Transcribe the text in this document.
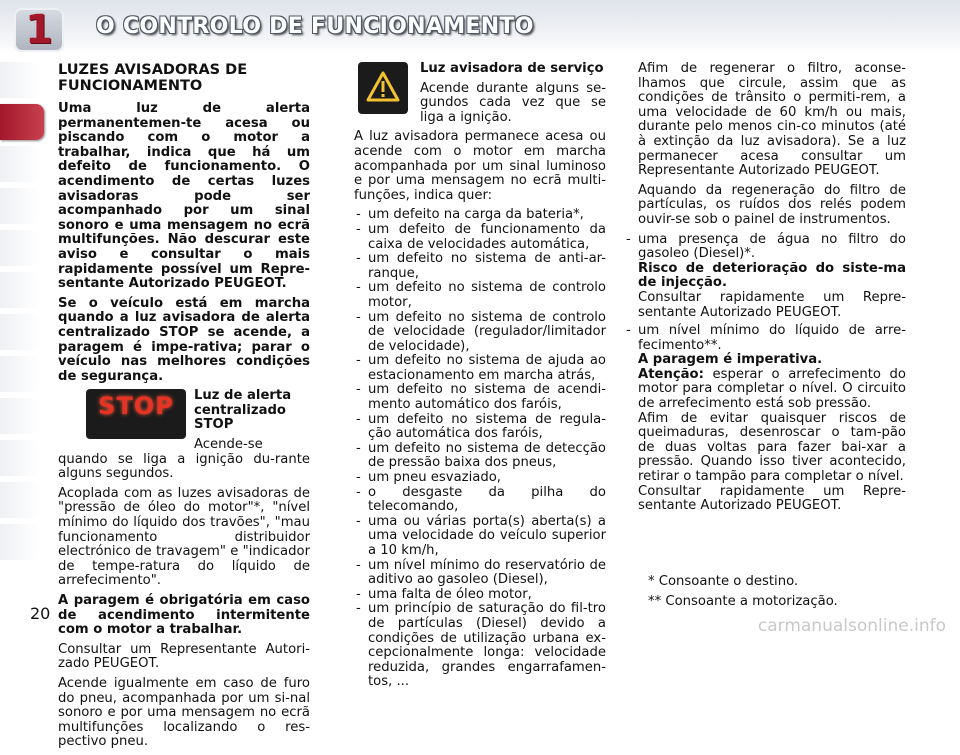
1	O CONTROLO DE FUNCIONAMENTO
LUZES AVISADORAS DE FUNCIONAMENTO

Uma luz de alerta permanentemen-te acesa ou piscando com o motor a trabalhar, indica que há um defeito de funcionamento. O acendimento de certas luzes avisadoras pode ser acompanhado por um sinal sonoro e uma mensagem no ecrã multifunções. Não descurar este aviso e consultar o mais rapidamente possível um Repre-sentante Autorizado PEUGEOT.

Se o veículo está em marcha quando a luz avisadora de alerta centralizado STOP se acende, a paragem é impe-rativa; parar o veículo nas melhores condições de segurança.

STOP	Luz de alerta centralizado STOP

Acende-se quando se liga a ignição du-rante alguns segundos.

Acoplada com as luzes avisadoras de "pressão de óleo do motor"*, "nível mínimo do líquido dos travões", "mau funcionamento distribuidor electrónico de travagem" e "indicador de tempe-ratura do líquido de arrefecimento".

A paragem é obrigatória em caso de acendimento intermitente com o motor a trabalhar.

Consultar um Representante Autori-zado PEUGEOT.

Acende igualmente em caso de furo do pneu, acompanhada por um si-nal sonoro e por uma mensagem no ecrã multifunções localizando o res-pectivo pneu.

Luz avisadora de serviço

Acende durante alguns se-gundos cada vez que se liga a ignição.

A luz avisadora permanece acesa ou acende com o motor em marcha acompanhada por um sinal luminoso e por uma mensagem no ecrã multi-funções, indica quer:

- um defeito na carga da bateria*,
- um defeito de funcionamento da caixa de velocidades automática,
- um defeito no sistema de anti-ar-ranque,
- um defeito no sistema de controlo motor,
- um defeito no sistema de controlo de velocidade (regulador/limitador de velocidade),
- um defeito no sistema de ajuda ao estacionamento em marcha atrás,
- um defeito no sistema de acendi-mento automático dos faróis,
- um defeito no sistema de regula-ção automática dos faróis,
- um defeito no sistema de detecção de pressão baixa dos pneus,
- um pneu esvaziado,
- o desgaste da pilha do telecomando,
- uma ou várias porta(s) aberta(s) a uma velocidade do veículo superior a 10 km/h,
- um nível mínimo do reservatório de aditivo ao gasoleo (Diesel),
- uma falta de óleo motor,
- um princípio de saturação do fil-tro de partículas (Diesel) devido a condições de utilização urbana ex-cepcionalmente longa: velocidade reduzida, grandes engarrafamen-tos, ...

Afim de regenerar o filtro, aconse-lhamos que circule, assim que as condições de trânsito o permiti-rem, a uma velocidade de 60 km/h ou mais, durante pelo menos cin-co minutos (até à extinção da luz avisadora). Se a luz permanecer acesa consultar um Representante Autorizado PEUGEOT.

Aquando da regeneração do filtro de partículas, os ruídos dos relés podem ouvir-se sob o painel de instrumentos.

- uma presença de água no filtro do gasoleo (Diesel)*.
Risco de deterioração do siste-ma de injecção.
Consultar rapidamente um Repre-sentante Autorizado PEUGEOT.
- um nível mínimo do líquido de arre-fecimento**.
A paragem é imperativa.
Atenção: esperar o arrefecimento do motor para completar o nível. O circuito de arrefecimento está sob pressão.
Afim de evitar quaisquer riscos de queimaduras, desenroscar o tam-pão de duas voltas para fazer bai-xar a pressão. Quando isso tiver acontecido, retirar o tampão para completar o nível.
Consultar rapidamente um Repre-sentante Autorizado PEUGEOT.
* Consoante o destino.
** Consoante a motorização.
20
carmanualsonline.info
